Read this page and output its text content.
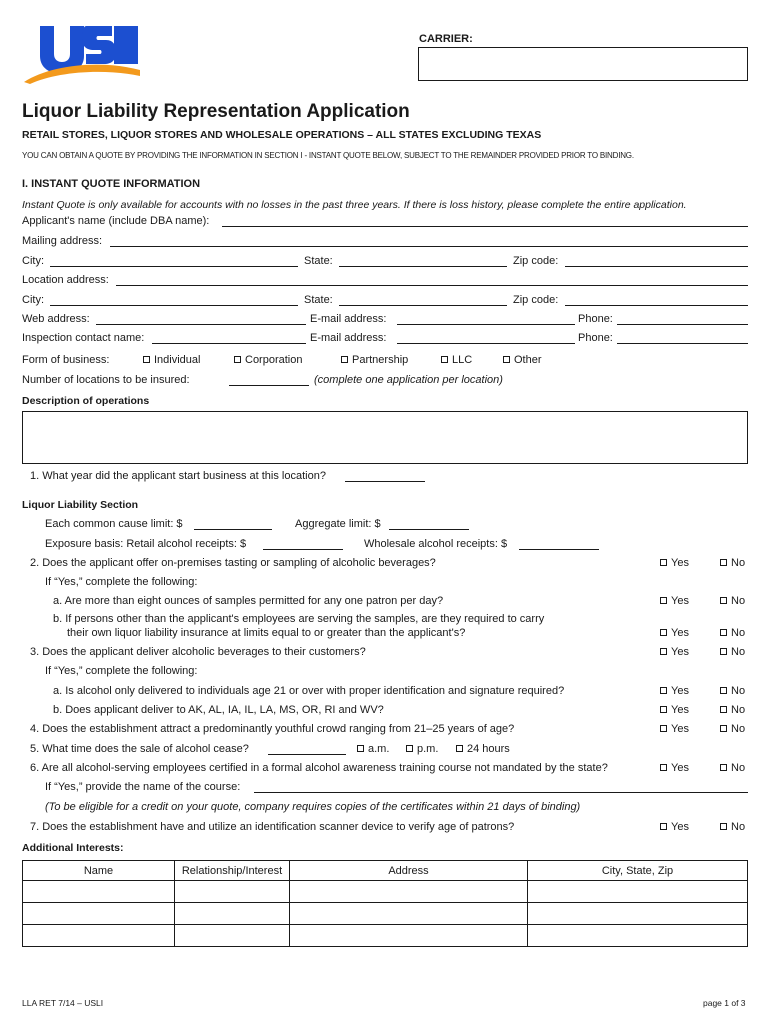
CARRIER:
Liquor Liability Representation Application
RETAIL STORES, LIQUOR STORES AND WHOLESALE OPERATIONS – ALL STATES EXCLUDING TEXAS
YOU CAN OBTAIN A QUOTE BY PROVIDING THE INFORMATION IN SECTION I - INSTANT QUOTE BELOW, SUBJECT TO THE REMAINDER PROVIDED PRIOR TO BINDING.
I. INSTANT QUOTE INFORMATION
Instant Quote is only available for accounts with no losses in the past three years. If there is loss history, please complete the entire application.
Applicant's name (include DBA name):
Mailing address:
City:	State:	Zip code:
Location address:
City:	State:	Zip code:
Web address:	E-mail address:	Phone:
Inspection contact name:	E-mail address:	Phone:
Form of business:	Individual	Corporation	Partnership	LLC	Other
Number of locations to be insured:	(complete one application per location)
Description of operations
1. What year did the applicant start business at this location?
Liquor Liability Section
Each common cause limit: $	Aggregate limit: $
Exposure basis: Retail alcohol receipts: $	Wholesale alcohol receipts: $
2. Does the applicant offer on-premises tasting or sampling of alcoholic beverages?	Yes	No
If “Yes,” complete the following:
a. Are more than eight ounces of samples permitted for any one patron per day?	Yes	No
b. If persons other than the applicant's employees are serving the samples, are they required to carry
their own liquor liability insurance at limits equal to or greater than the applicant's?	Yes	No
3. Does the applicant deliver alcoholic beverages to their customers?	Yes	No
If “Yes,” complete the following:
a. Is alcohol only delivered to individuals age 21 or over with proper identification and signature required?	Yes	No
b. Does applicant deliver to AK, AL, IA, IL, LA, MS, OR, RI and WV?	Yes	No
4. Does the establishment attract a predominantly youthful crowd ranging from 21–25 years of age?	Yes	No
5. What time does the sale of alcohol cease?	a.m.	p.m.	24 hours
6. Are all alcohol-serving employees certified in a formal alcohol awareness training course not mandated by the state?	Yes	No
If “Yes,” provide the name of the course:
(To be eligible for a credit on your quote, company requires copies of the certificates within 21 days of binding)
7. Does the establishment have and utilize an identification scanner device to verify age of patrons?	Yes	No
Additional Interests:
Name	Relationship/Interest	Address	City, State, Zip

LLA RET 7/14 – USLI	page 1 of 3
